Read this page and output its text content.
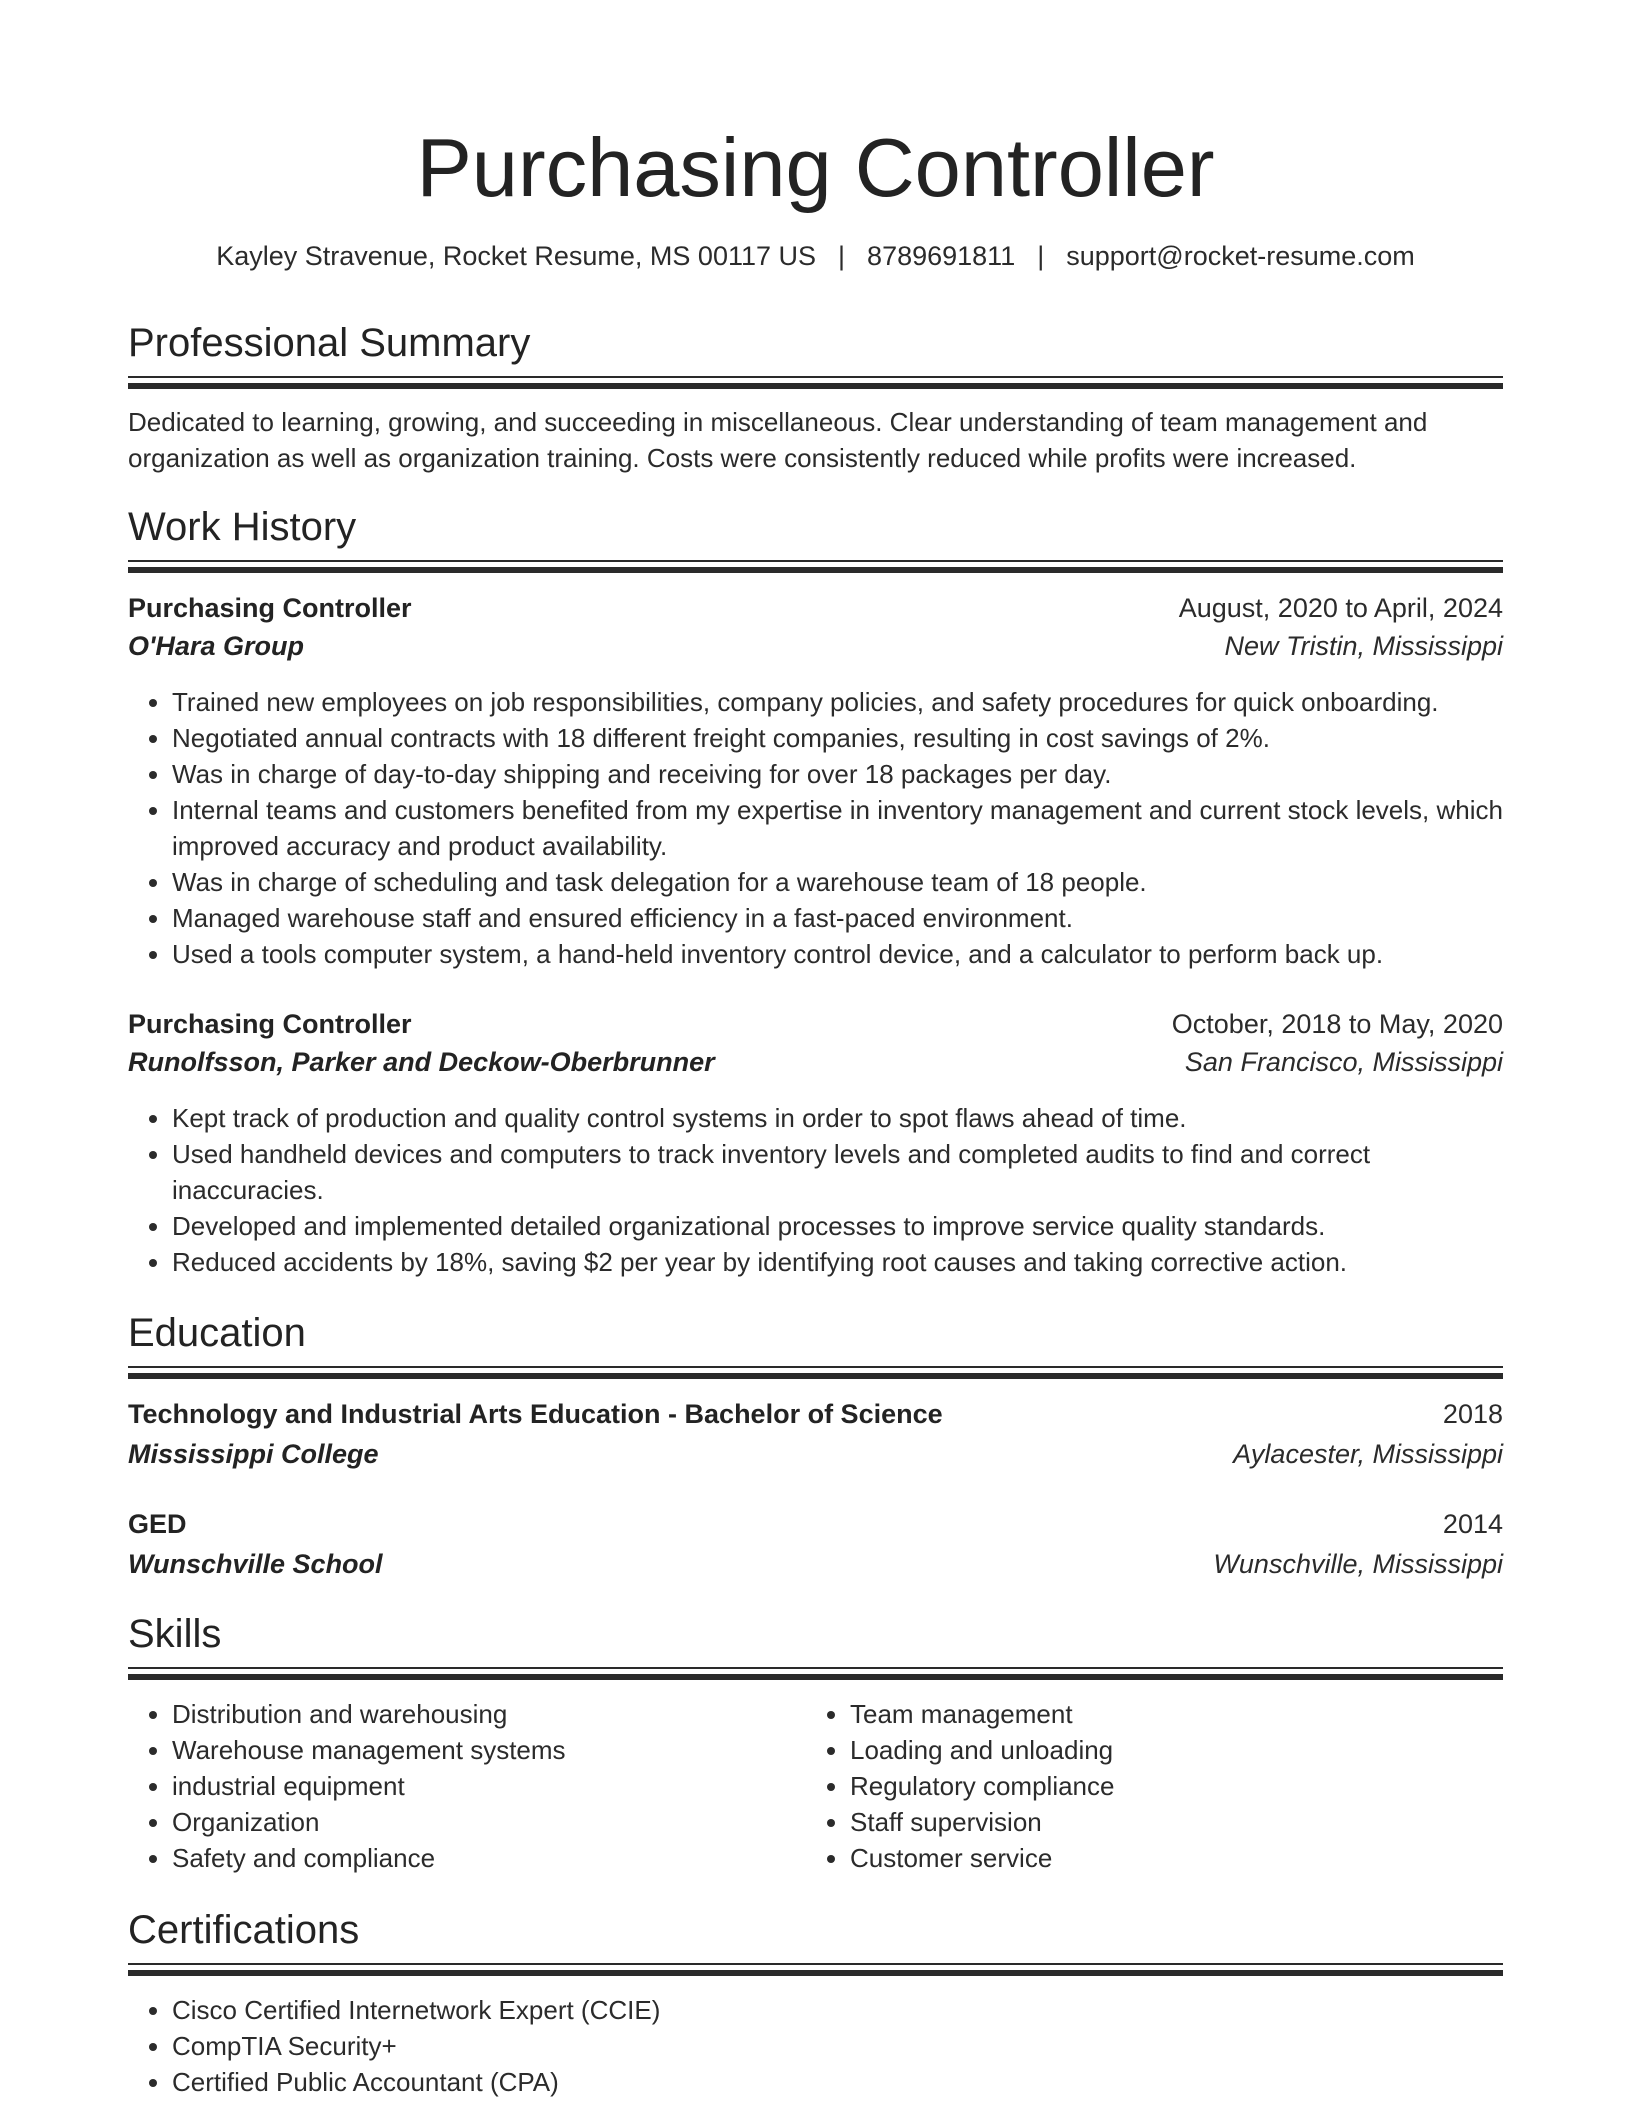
Purchasing Controller
Kayley Stravenue, Rocket Resume, MS 00117 US | 8789691811 | support@rocket-resume.com
Professional Summary
Dedicated to learning, growing, and succeeding in miscellaneous. Clear understanding of team management and organization as well as organization training. Costs were consistently reduced while profits were increased.
Work History
Purchasing Controller	August, 2020 to April, 2024
O'Hara Group	New Tristin, Mississippi
• Trained new employees on job responsibilities, company policies, and safety procedures for quick onboarding.
• Negotiated annual contracts with 18 different freight companies, resulting in cost savings of 2%.
• Was in charge of day-to-day shipping and receiving for over 18 packages per day.
• Internal teams and customers benefited from my expertise in inventory management and current stock levels, which improved accuracy and product availability.
• Was in charge of scheduling and task delegation for a warehouse team of 18 people.
• Managed warehouse staff and ensured efficiency in a fast-paced environment.
• Used a tools computer system, a hand-held inventory control device, and a calculator to perform back up.
Purchasing Controller	October, 2018 to May, 2020
Runolfsson, Parker and Deckow-Oberbrunner	San Francisco, Mississippi
• Kept track of production and quality control systems in order to spot flaws ahead of time.
• Used handheld devices and computers to track inventory levels and completed audits to find and correct inaccuracies.
• Developed and implemented detailed organizational processes to improve service quality standards.
• Reduced accidents by 18%, saving $2 per year by identifying root causes and taking corrective action.
Education
Technology and Industrial Arts Education - Bachelor of Science	2018
Mississippi College	Aylacester, Mississippi
GED	2014
Wunschville School	Wunschville, Mississippi
Skills
• Distribution and warehousing
• Warehouse management systems
• industrial equipment
• Organization
• Safety and compliance
• Team management
• Loading and unloading
• Regulatory compliance
• Staff supervision
• Customer service
Certifications
• Cisco Certified Internetwork Expert (CCIE)
• CompTIA Security+
• Certified Public Accountant (CPA)
